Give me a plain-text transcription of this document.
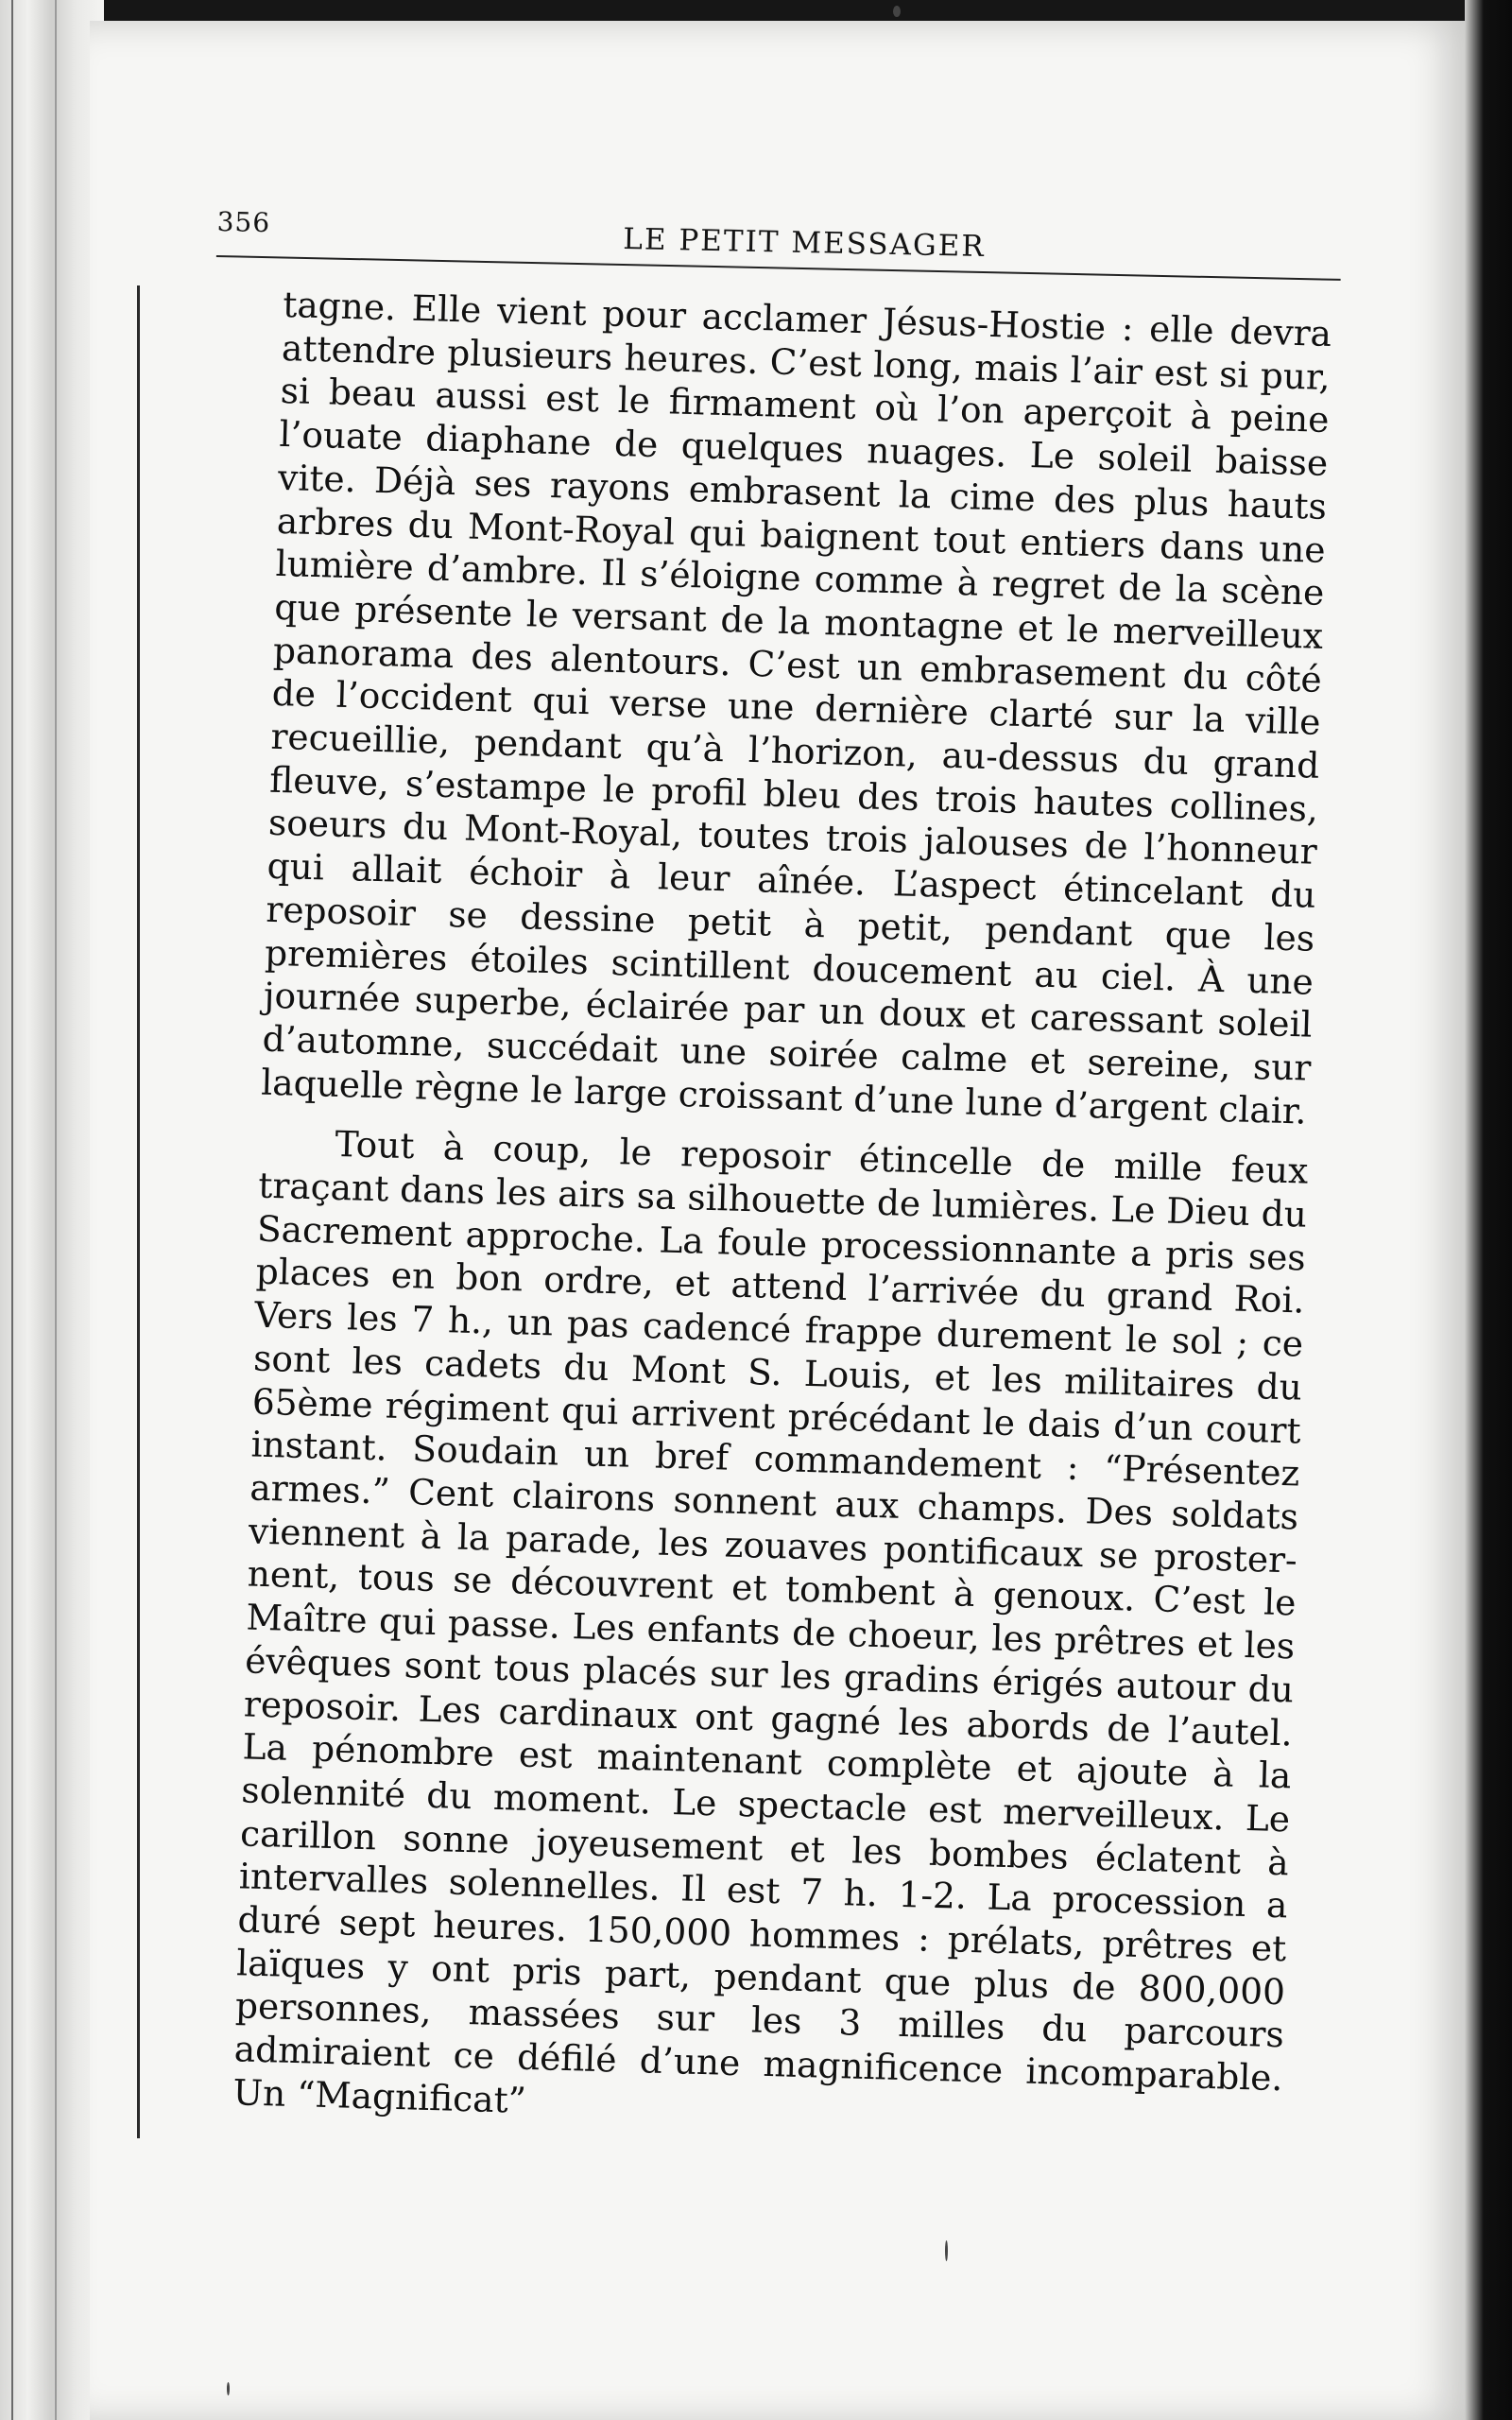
356	LE PETIT MESSAGER

tagne. Elle vient pour acclamer Jésus-Hostie : elle devra attendre plusieurs heures. C’est long, mais l’air est si pur, si beau aussi est le firmament où l’on aperçoit à peine l’ouate diaphane de quelques nuages. Le soleil baisse vite. Déjà ses rayons embrasent la cime des plus hauts arbres du Mont-Royal qui baignent tout entiers dans une lumière d’ambre. Il s’éloigne comme à regret de la scène que présente le versant de la montagne et le merveilleux panorama des alentours. C’est un embrasement du côté de l’occident qui verse une dernière clarté sur la ville recueillie, pendant qu’à l’horizon, au-dessus du grand fleuve, s’estampe le profil bleu des trois hautes collines, soeurs du Mont-Royal, toutes trois jalouses de l’honneur qui allait échoir à leur aînée. L’aspect étincelant du reposoir se dessine petit à petit, pendant que les premières étoiles scintillent doucement au ciel. À une journée superbe, éclairée par un doux et caressant soleil d’automne, succédait une soirée calme et sereine, sur laquelle règne le large croissant d’une lune d’argent clair.

Tout à coup, le reposoir étincelle de mille feux traçant dans les airs sa silhouette de lumières. Le Dieu du Sacrement approche. La foule processionnante a pris ses places en bon ordre, et attend l’arrivée du grand Roi. Vers les 7 h., un pas cadencé frappe durement le sol ; ce sont les cadets du Mont S. Louis, et les militaires du 65ème régiment qui arrivent précédant le dais d’un court instant. Soudain un bref commandement : “Présentez armes.” Cent clairons sonnent aux champs. Des soldats viennent à la parade, les zouaves pontificaux se prosternent, tous se découvrent et tombent à genoux. C’est le Maître qui passe. Les enfants de choeur, les prêtres et les évêques sont tous placés sur les gradins érigés autour du reposoir. Les cardinaux ont gagné les abords de l’autel. La pénombre est maintenant complète et ajoute à la solennité du moment. Le spectacle est merveilleux. Le carillon sonne joyeusement et les bombes éclatent à intervalles solennelles. Il est 7 h. 1-2. La procession a duré sept heures. 150,000 hommes : prélats, prêtres et laïques y ont pris part, pendant que plus de 800,000 personnes, massées sur les 3 milles du parcours admiraient ce défilé d’une magnificence incomparable. Un “Magnificat”
